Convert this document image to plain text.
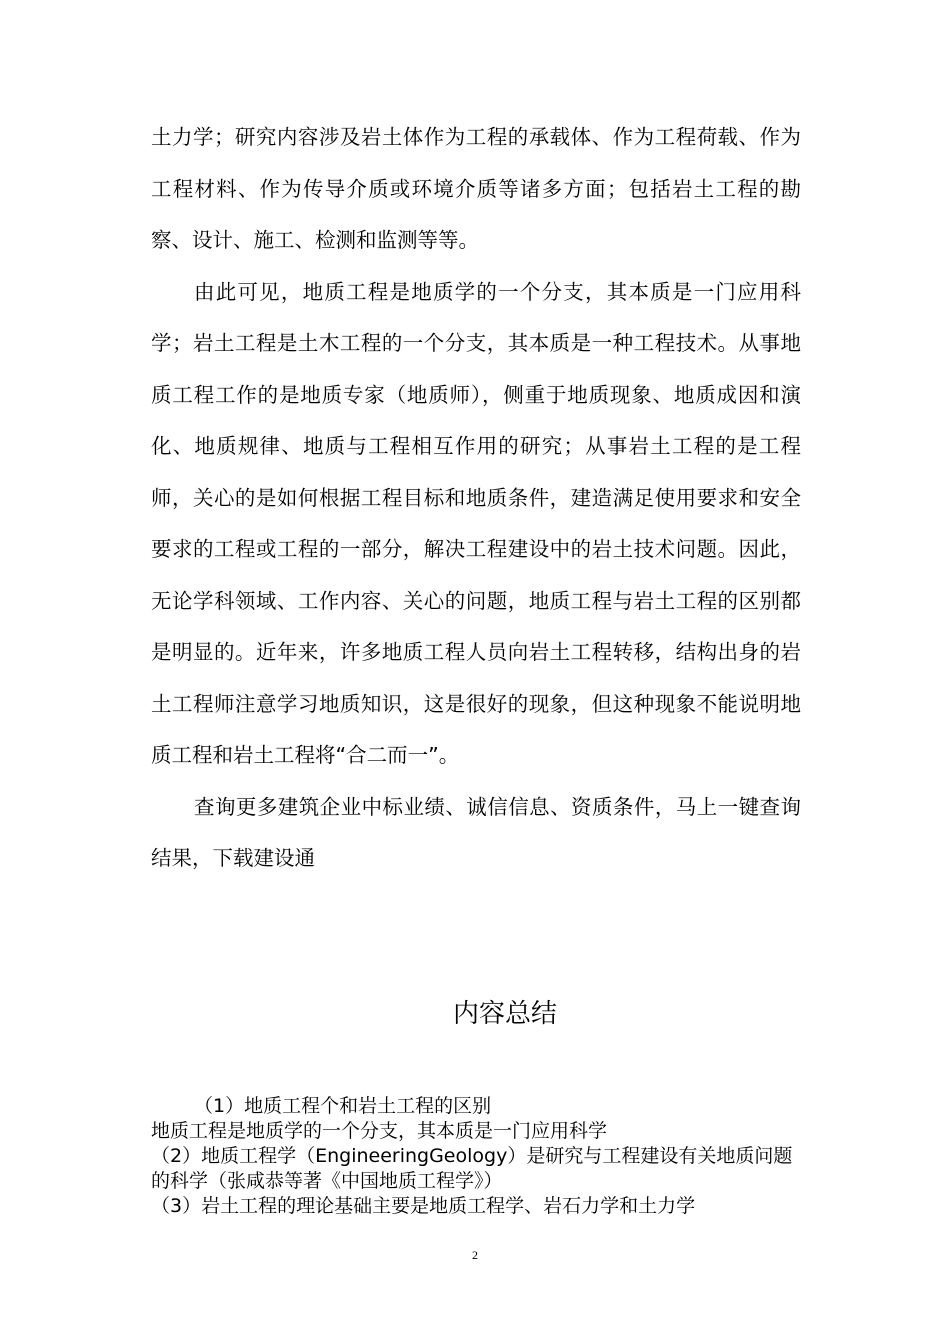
土力学；研究内容涉及岩土体作为工程的承载体、作为工程荷载、作为工程材料、作为传导介质或环境介质等诸多方面；包括岩土工程的勘察、设计、施工、检测和监测等等。

由此可见，地质工程是地质学的一个分支，其本质是一门应用科学；岩土工程是土木工程的一个分支，其本质是一种工程技术。从事地质工程工作的是地质专家（地质师），侧重于地质现象、地质成因和演化、地质规律、地质与工程相互作用的研究；从事岩土工程的是工程师，关心的是如何根据工程目标和地质条件，建造满足使用要求和安全要求的工程或工程的一部分，解决工程建设中的岩土技术问题。因此，无论学科领域、工作内容、关心的问题，地质工程与岩土工程的区别都是明显的。近年来，许多地质工程人员向岩土工程转移，结构出身的岩土工程师注意学习地质知识，这是很好的现象，但这种现象不能说明地质工程和岩土工程将“合二而一”。

查询更多建筑企业中标业绩、诚信信息、资质条件，马上一键查询结果，下载建设通

内容总结

（1）地质工程个和岩土工程的区别

地质工程是地质学的一个分支，其本质是一门应用科学

（2）地质工程学（EngineeringGeology）是研究与工程建设有关地质问题的科学（张咸恭等著《中国地质工程学》）

（3）岩土工程的理论基础主要是地质工程学、岩石力学和土力学

2
